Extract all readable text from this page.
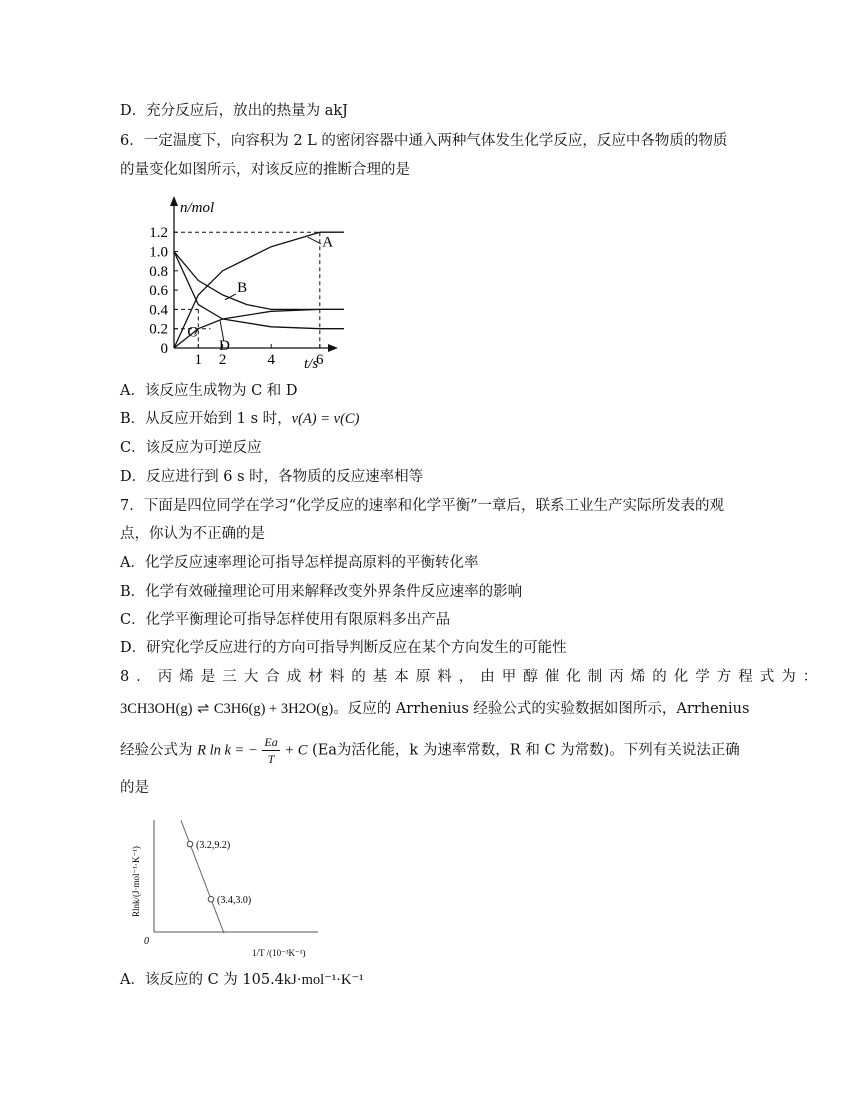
D．充分反应后，放出的热量为 akJ
6．一定温度下，向容积为 2 L 的密闭容器中通入两种气体发生化学反应，反应中各物质的物质
的量变化如图所示，对该反应的推断合理的是
n/mol
t/s
0
0.2
0.4
0.6
0.8
1.0
1.2
1 2	4	6
A
B
C
D
A．该反应生成物为 C 和 D
B．从反应开始到 1 s 时，v(A) = v(C)
C．该反应为可逆反应
D．反应进行到 6 s 时，各物质的反应速率相等
7．下面是四位同学在学习“化学反应的速率和化学平衡”一章后，联系工业生产实际所发表的观
点，你认为不正确的是
A．化学反应速率理论可指导怎样提高原料的平衡转化率
B．化学有效碰撞理论可用来解释改变外界条件反应速率的影响
C．化学平衡理论可指导怎样使用有限原料多出产品
D．研究化学反应进行的方向可指导判断反应在某个方向发生的可能性
8．丙烯是三大合成材料的基本原料，由甲醇催化制丙烯的化学方程式为：
3CH3OH(g) ⇌ C3H6(g) + 3H2O(g)。反应的 Arrhenius 经验公式的实验数据如图所示，Arrhenius
经验公式为 R ln k = − $\frac{Ea}{T} + C$ (Ea为活化能，k 为速率常数，R 和 C 为常数)。下列有关说法正确
的是
0
Rlnk/(J·mol⁻¹·K⁻¹)
1/T /(10⁻³K⁻¹)
(3.2,9.2)
(3.4,3.0)
A．该反应的 C 为 105.4kJ·mol⁻¹·K⁻¹
